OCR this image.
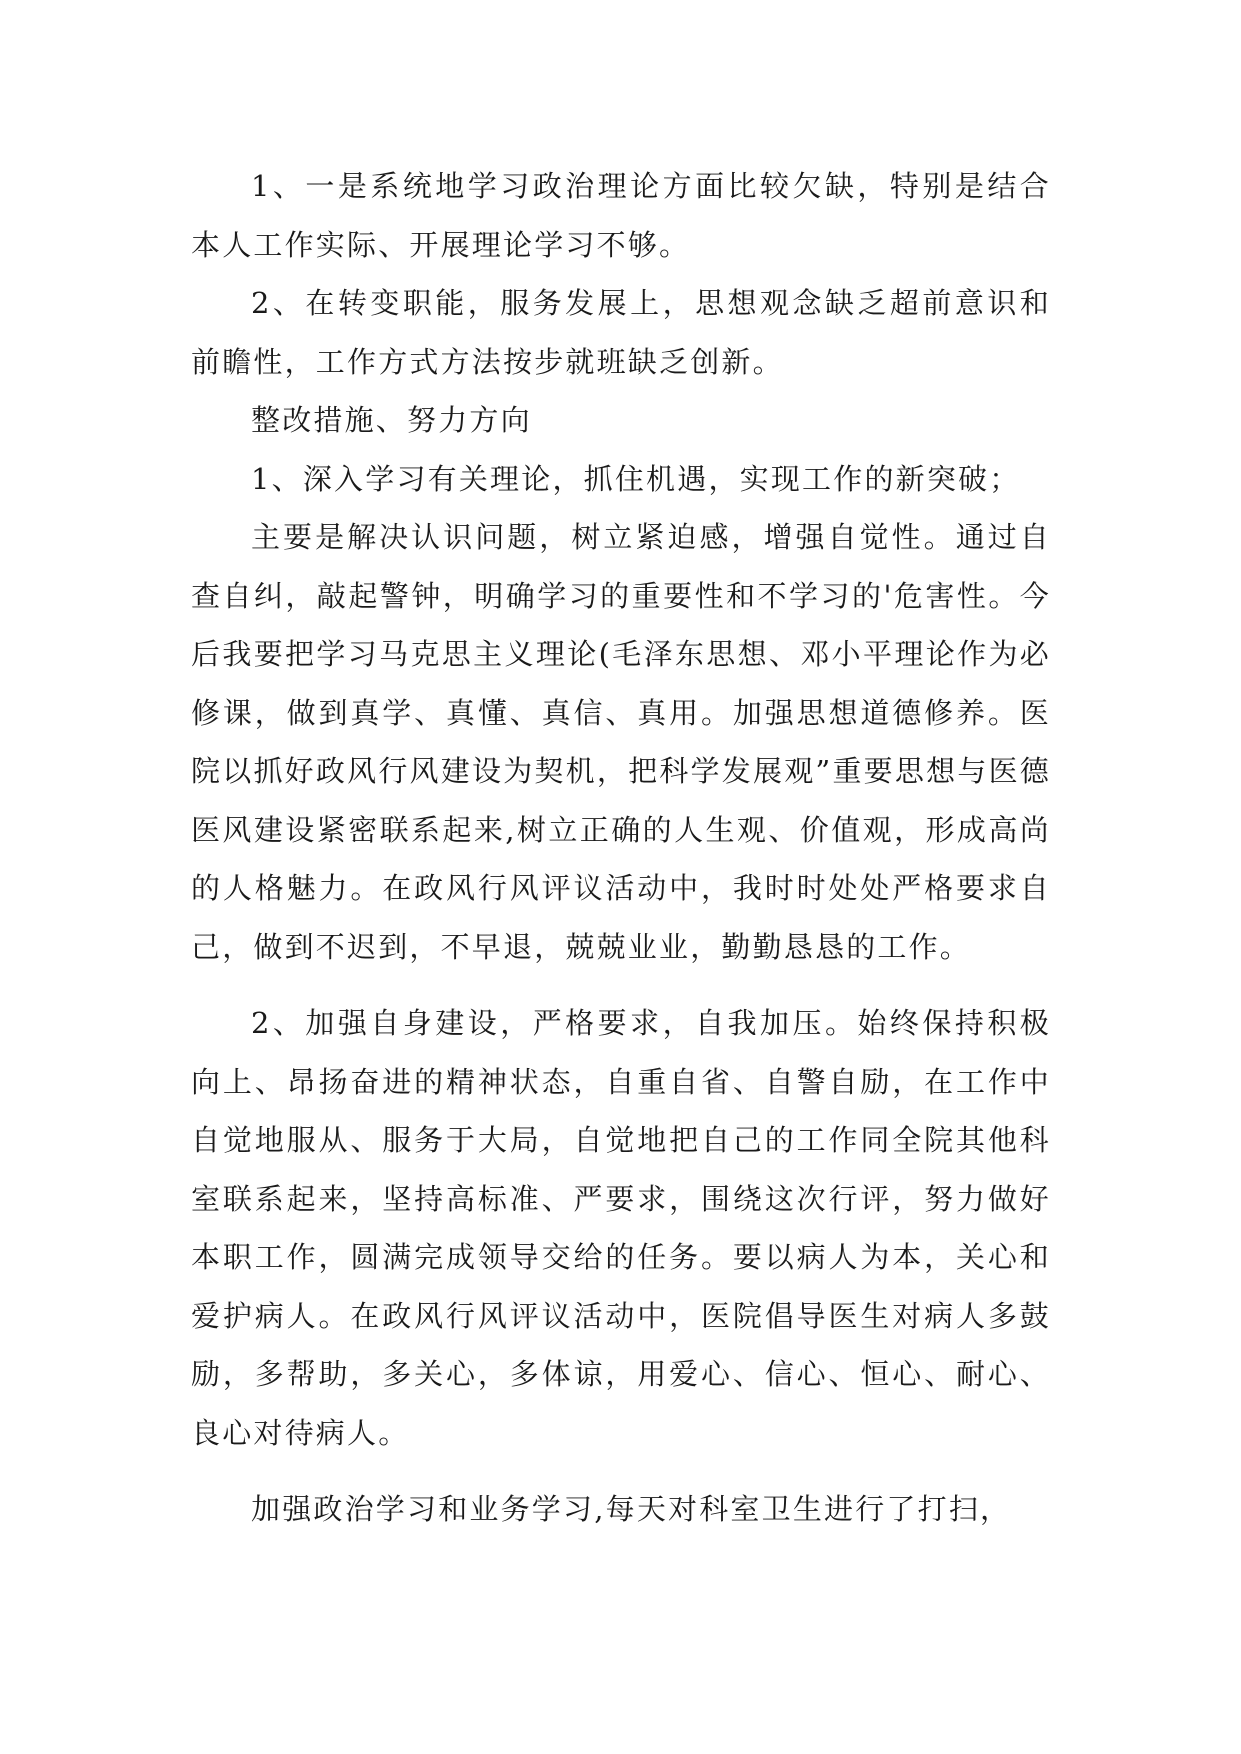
1、一是系统地学习政治理论方面比较欠缺，特别是结合本人工作实际、开展理论学习不够。

2、在转变职能，服务发展上，思想观念缺乏超前意识和前瞻性，工作方式方法按步就班缺乏创新。

整改措施、努力方向

1、深入学习有关理论，抓住机遇，实现工作的新突破；

主要是解决认识问题，树立紧迫感，增强自觉性。通过自查自纠，敲起警钟，明确学习的重要性和不学习的'危害性。今后我要把学习马克思主义理论(毛泽东思想、邓小平理论作为必修课，做到真学、真懂、真信、真用。加强思想道德修养。医院以抓好政风行风建设为契机，把科学发展观”重要思想与医德医风建设紧密联系起来,树立正确的人生观、价值观，形成高尚的人格魅力。在政风行风评议活动中，我时时处处严格要求自己，做到不迟到，不早退，兢兢业业，勤勤恳恳的工作。

2、加强自身建设，严格要求，自我加压。始终保持积极向上、昂扬奋进的精神状态，自重自省、自警自励，在工作中自觉地服从、服务于大局，自觉地把自己的工作同全院其他科室联系起来，坚持高标准、严要求，围绕这次行评，努力做好本职工作，圆满完成领导交给的任务。要以病人为本，关心和爱护病人。在政风行风评议活动中，医院倡导医生对病人多鼓励，多帮助，多关心，多体谅，用爱心、信心、恒心、耐心、良心对待病人。

加强政治学习和业务学习,每天对科室卫生进行了打扫，
